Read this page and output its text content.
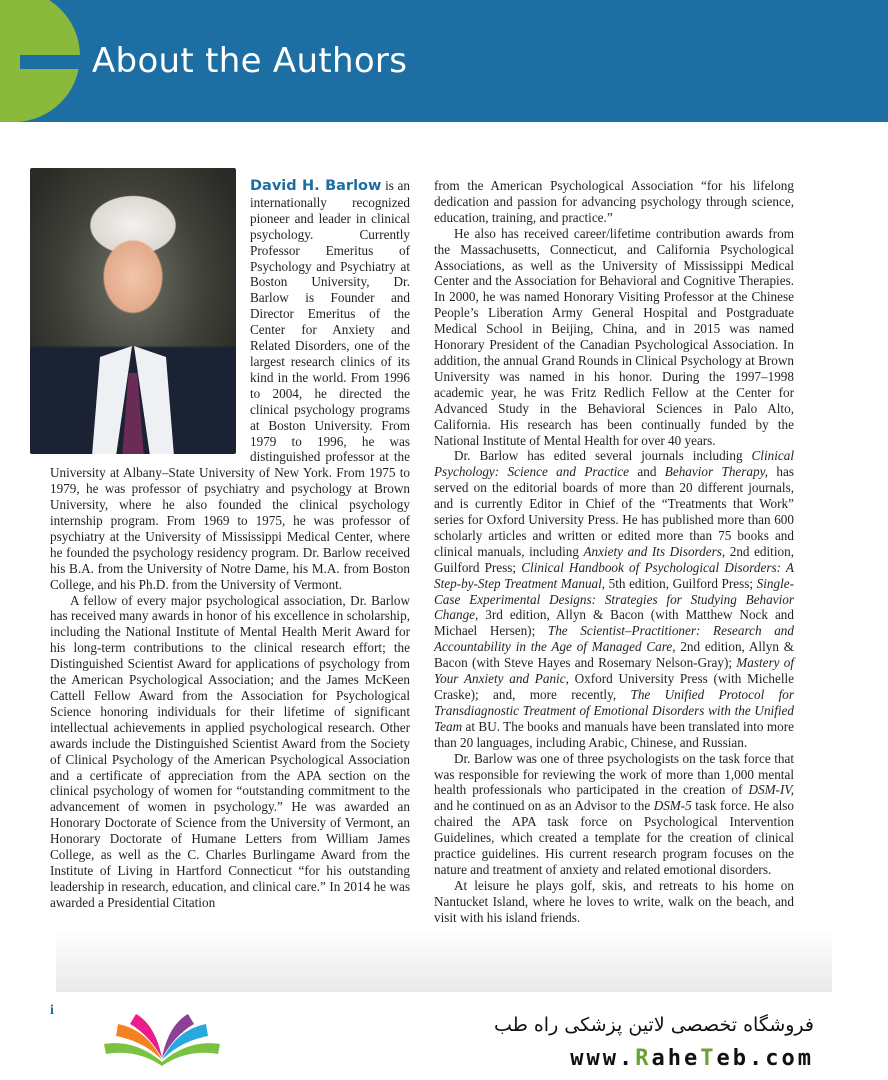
About the Authors

David H. Barlow is an internationally recognized pioneer and leader in clinical psychology. Currently Professor Emeritus of Psychology and Psychiatry at Boston University, Dr. Barlow is Founder and Director Emeritus of the Center for Anxiety and Related Disorders, one of the largest research clinics of its kind in the world. From 1996 to 2004, he directed the clinical psychology programs at Boston University. From 1979 to 1996, he was distinguished professor at the University at Albany–State University of New York. From 1975 to 1979, he was professor of psychiatry and psychology at Brown University, where he also founded the clinical psychology internship program. From 1969 to 1975, he was professor of psychiatry at the University of Mississippi Medical Center, where he founded the psychology residency program. Dr. Barlow received his B.A. from the University of Notre Dame, his M.A. from Boston College, and his Ph.D. from the University of Vermont.

A fellow of every major psychological association, Dr. Barlow has received many awards in honor of his excellence in scholarship, including the National Institute of Mental Health Merit Award for his long-term contributions to the clinical research effort; the Distinguished Scientist Award for applications of psychology from the American Psychological Association; and the James McKeen Cattell Fellow Award from the Association for Psychological Science honoring individuals for their lifetime of significant intellectual achievements in applied psychological research. Other awards include the Distinguished Scientist Award from the Society of Clinical Psychology of the American Psychological Association and a certificate of appreciation from the APA section on the clinical psychology of women for “outstanding commitment to the advancement of women in psychology.” He was awarded an Honorary Doctorate of Science from the University of Vermont, an Honorary Doctorate of Humane Letters from William James College, as well as the C. Charles Burlingame Award from the Institute of Living in Hartford Connecticut “for his outstanding leadership in research, education, and clinical care.” In 2014 he was awarded a Presidential Citation

from the American Psychological Association “for his lifelong dedication and passion for advancing psychology through science, education, training, and practice.”

He also has received career/lifetime contribution awards from the Massachusetts, Connecticut, and California Psychological Associations, as well as the University of Mississippi Medical Center and the Association for Behavioral and Cognitive Therapies. In 2000, he was named Honorary Visiting Professor at the Chinese People’s Liberation Army General Hospital and Postgraduate Medical School in Beijing, China, and in 2015 was named Honorary President of the Canadian Psychological Association. In addition, the annual Grand Rounds in Clinical Psychology at Brown University was named in his honor. During the 1997–1998 academic year, he was Fritz Redlich Fellow at the Center for Advanced Study in the Behavioral Sciences in Palo Alto, California. His research has been continually funded by the National Institute of Mental Health for over 40 years.

Dr. Barlow has edited several journals including Clinical Psychology: Science and Practice and Behavior Therapy, has served on the editorial boards of more than 20 different journals, and is currently Editor in Chief of the “Treatments that Work” series for Oxford University Press. He has published more than 600 scholarly articles and written or edited more than 75 books and clinical manuals, including Anxiety and Its Disorders, 2nd edition, Guilford Press; Clinical Handbook of Psychological Disorders: A Step-by-Step Treatment Manual, 5th edition, Guilford Press; Single-Case Experimental Designs: Strategies for Studying Behavior Change, 3rd edition, Allyn & Bacon (with Matthew Nock and Michael Hersen); The Scientist–Practitioner: Research and Accountability in the Age of Managed Care, 2nd edition, Allyn & Bacon (with Steve Hayes and Rosemary Nelson-Gray); Mastery of Your Anxiety and Panic, Oxford University Press (with Michelle Craske); and, more recently, The Unified Protocol for Transdiagnostic Treatment of Emotional Disorders with the Unified Team at BU. The books and manuals have been translated into more than 20 languages, including Arabic, Chinese, and Russian.

Dr. Barlow was one of three psychologists on the task force that was responsible for reviewing the work of more than 1,000 mental health professionals who participated in the creation of DSM-IV, and he continued on as an Advisor to the DSM-5 task force. He also chaired the APA task force on Psychological Intervention Guidelines, which created a template for the creation of clinical practice guidelines. His current research program focuses on the nature and treatment of anxiety and related emotional disorders.

At leisure he plays golf, skis, and retreats to his home on Nantucket Island, where he loves to write, walk on the beach, and visit with his island friends.

i
فروشگاه تخصصی لاتین پزشکی راه طب
www.RaheTeb.com
